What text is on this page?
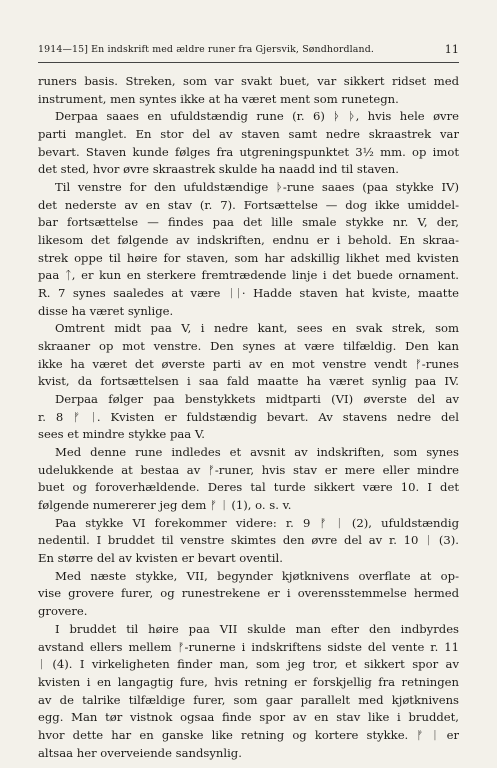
1914—15] En indskrift med ældre runer fra Gjersvik, Søndhordland.	11
runers basis. Streken, som var svakt buet, var sikkert ridset med
instrument, men syntes ikke at ha været ment som runetegn.
Derpaa saaes en ufuldstændig rune (r. 6) ᚦ ᚦ, hvis hele øvre
parti manglet. En stor del av staven samt nedre skraastrek var
bevart. Staven kunde følges fra utgreningspunktet 3½ mm. op imot
det sted, hvor øvre skraastrek skulde ha naadd ind til staven.
Til venstre for den ufuldstændige ᚦ-rune saaes (paa stykke IV)
det nederste av en stav (r. 7). Fortsættelse — dog ikke umiddel-
bar fortsættelse — findes paa det lille smale stykke nr. V, der,
likesom det følgende av indskriften, endnu er i behold. En skraa-
strek oppe til høire for staven, som har adskillig likhet med kvisten
paa ᛏ, er kun en sterkere fremtrædende linje i det buede ornament.
R. 7 synes saaledes at være ᛁᛁ· Hadde staven hat kviste, maatte
disse ha været synlige.
Omtrent midt paa V, i nedre kant, sees en svak strek, som
skraaner op mot venstre. Den synes at være tilfældig. Den kan
ikke ha været det øverste parti av en mot venstre vendt ᚠ-runes
kvist, da fortsættelsen i saa fald maatte ha været synlig paa IV.
Derpaa følger paa benstykkets midtparti (VI) øverste del av
r. 8 ᚠ ᛁ. Kvisten er fuldstændig bevart. Av stavens nedre del
sees et mindre stykke paa V.
Med denne rune indledes et avsnit av indskriften, som synes
udelukkende at bestaa av ᚠ-runer, hvis stav er mere eller mindre
buet og foroverhældende. Deres tal turde sikkert være 10. I det
følgende numererer jeg dem ᚠ ᛁ (1), o. s. v.
Paa stykke VI forekommer videre: r. 9 ᚠ ᛁ (2), ufuldstændig
nedentil. I bruddet til venstre skimtes den øvre del av r. 10 ᛁ (3).
En større del av kvisten er bevart oventil.
Med næste stykke, VII, begynder kjøtknivens overflate at op-
vise grovere furer, og runestrekene er i overensstemmelse hermed
grovere.
I bruddet til høire paa VII skulde man efter den indbyrdes
avstand ellers mellem ᚠ-runerne i indskriftens sidste del vente r. 11
ᛁ (4). I virkeligheten finder man, som jeg tror, et sikkert spor av
kvisten i en langagtig fure, hvis retning er forskjellig fra retningen
av de talrike tilfældige furer, som gaar parallelt med kjøtknivens
egg. Man tør vistnok ogsaa finde spor av en stav like i bruddet,
hvor dette har en ganske like retning og kortere stykke. ᚠ ᛁ er
altsaa her overveiende sandsynlig.
